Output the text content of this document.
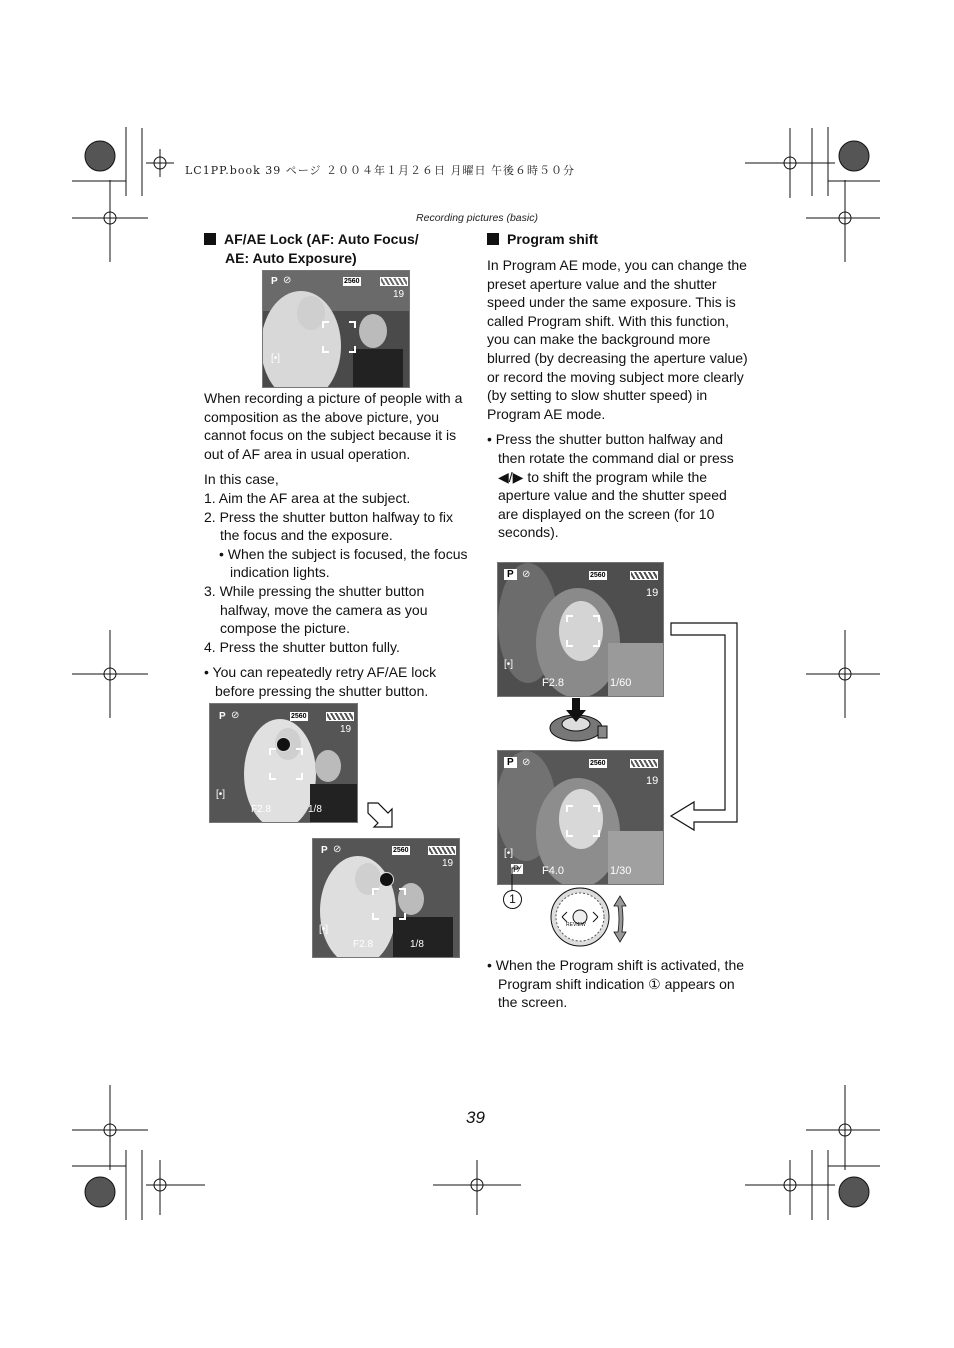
LC1PP.book 39 ページ ２００４年１月２６日 月曜日 午後６時５０分
Recording pictures (basic)
AF/AE Lock (AF: Auto Focus/
AE: Auto Exposure)
P ⊘	2560
19
[•]

When recording a picture of people with a composition as the above picture, you cannot focus on the subject because it is out of AF area in usual operation.

In this case,

1. Aim the AF area at the subject.
2. Press the shutter button halfway to fix the focus and the exposure.
• When the subject is focused, the focus indication lights.
3. While pressing the shutter button halfway, move the camera as you compose the picture.
4. Press the shutter button fully.

• You can repeatedly retry AF/AE lock before pressing the shutter button.

P ⊘	2560
19
[•]
F2.8	1/8
P ⊘	2560
19
[•]
F2.8	1/8
Program shift

In Program AE mode, you can change the preset aperture value and the shutter speed under the same exposure. This is called Program shift. With this function, you can make the background more blurred (by decreasing the aperture value) or record the moving subject more clearly (by setting to slow shutter speed) in Program AE mode.

• Press the shutter button halfway and then rotate the command dial or press ◀/▶ to shift the program while the aperture value and the shutter speed are displayed on the screen (for 10 seconds).

P ⊘	2560
19
[•]
F2.8	1/60
P ⊘	2560
19
[•]
P⁄ F4.0	1/30
1
REVIEW

• When the Program shift is activated, the Program shift indication ① appears on the screen.

39
